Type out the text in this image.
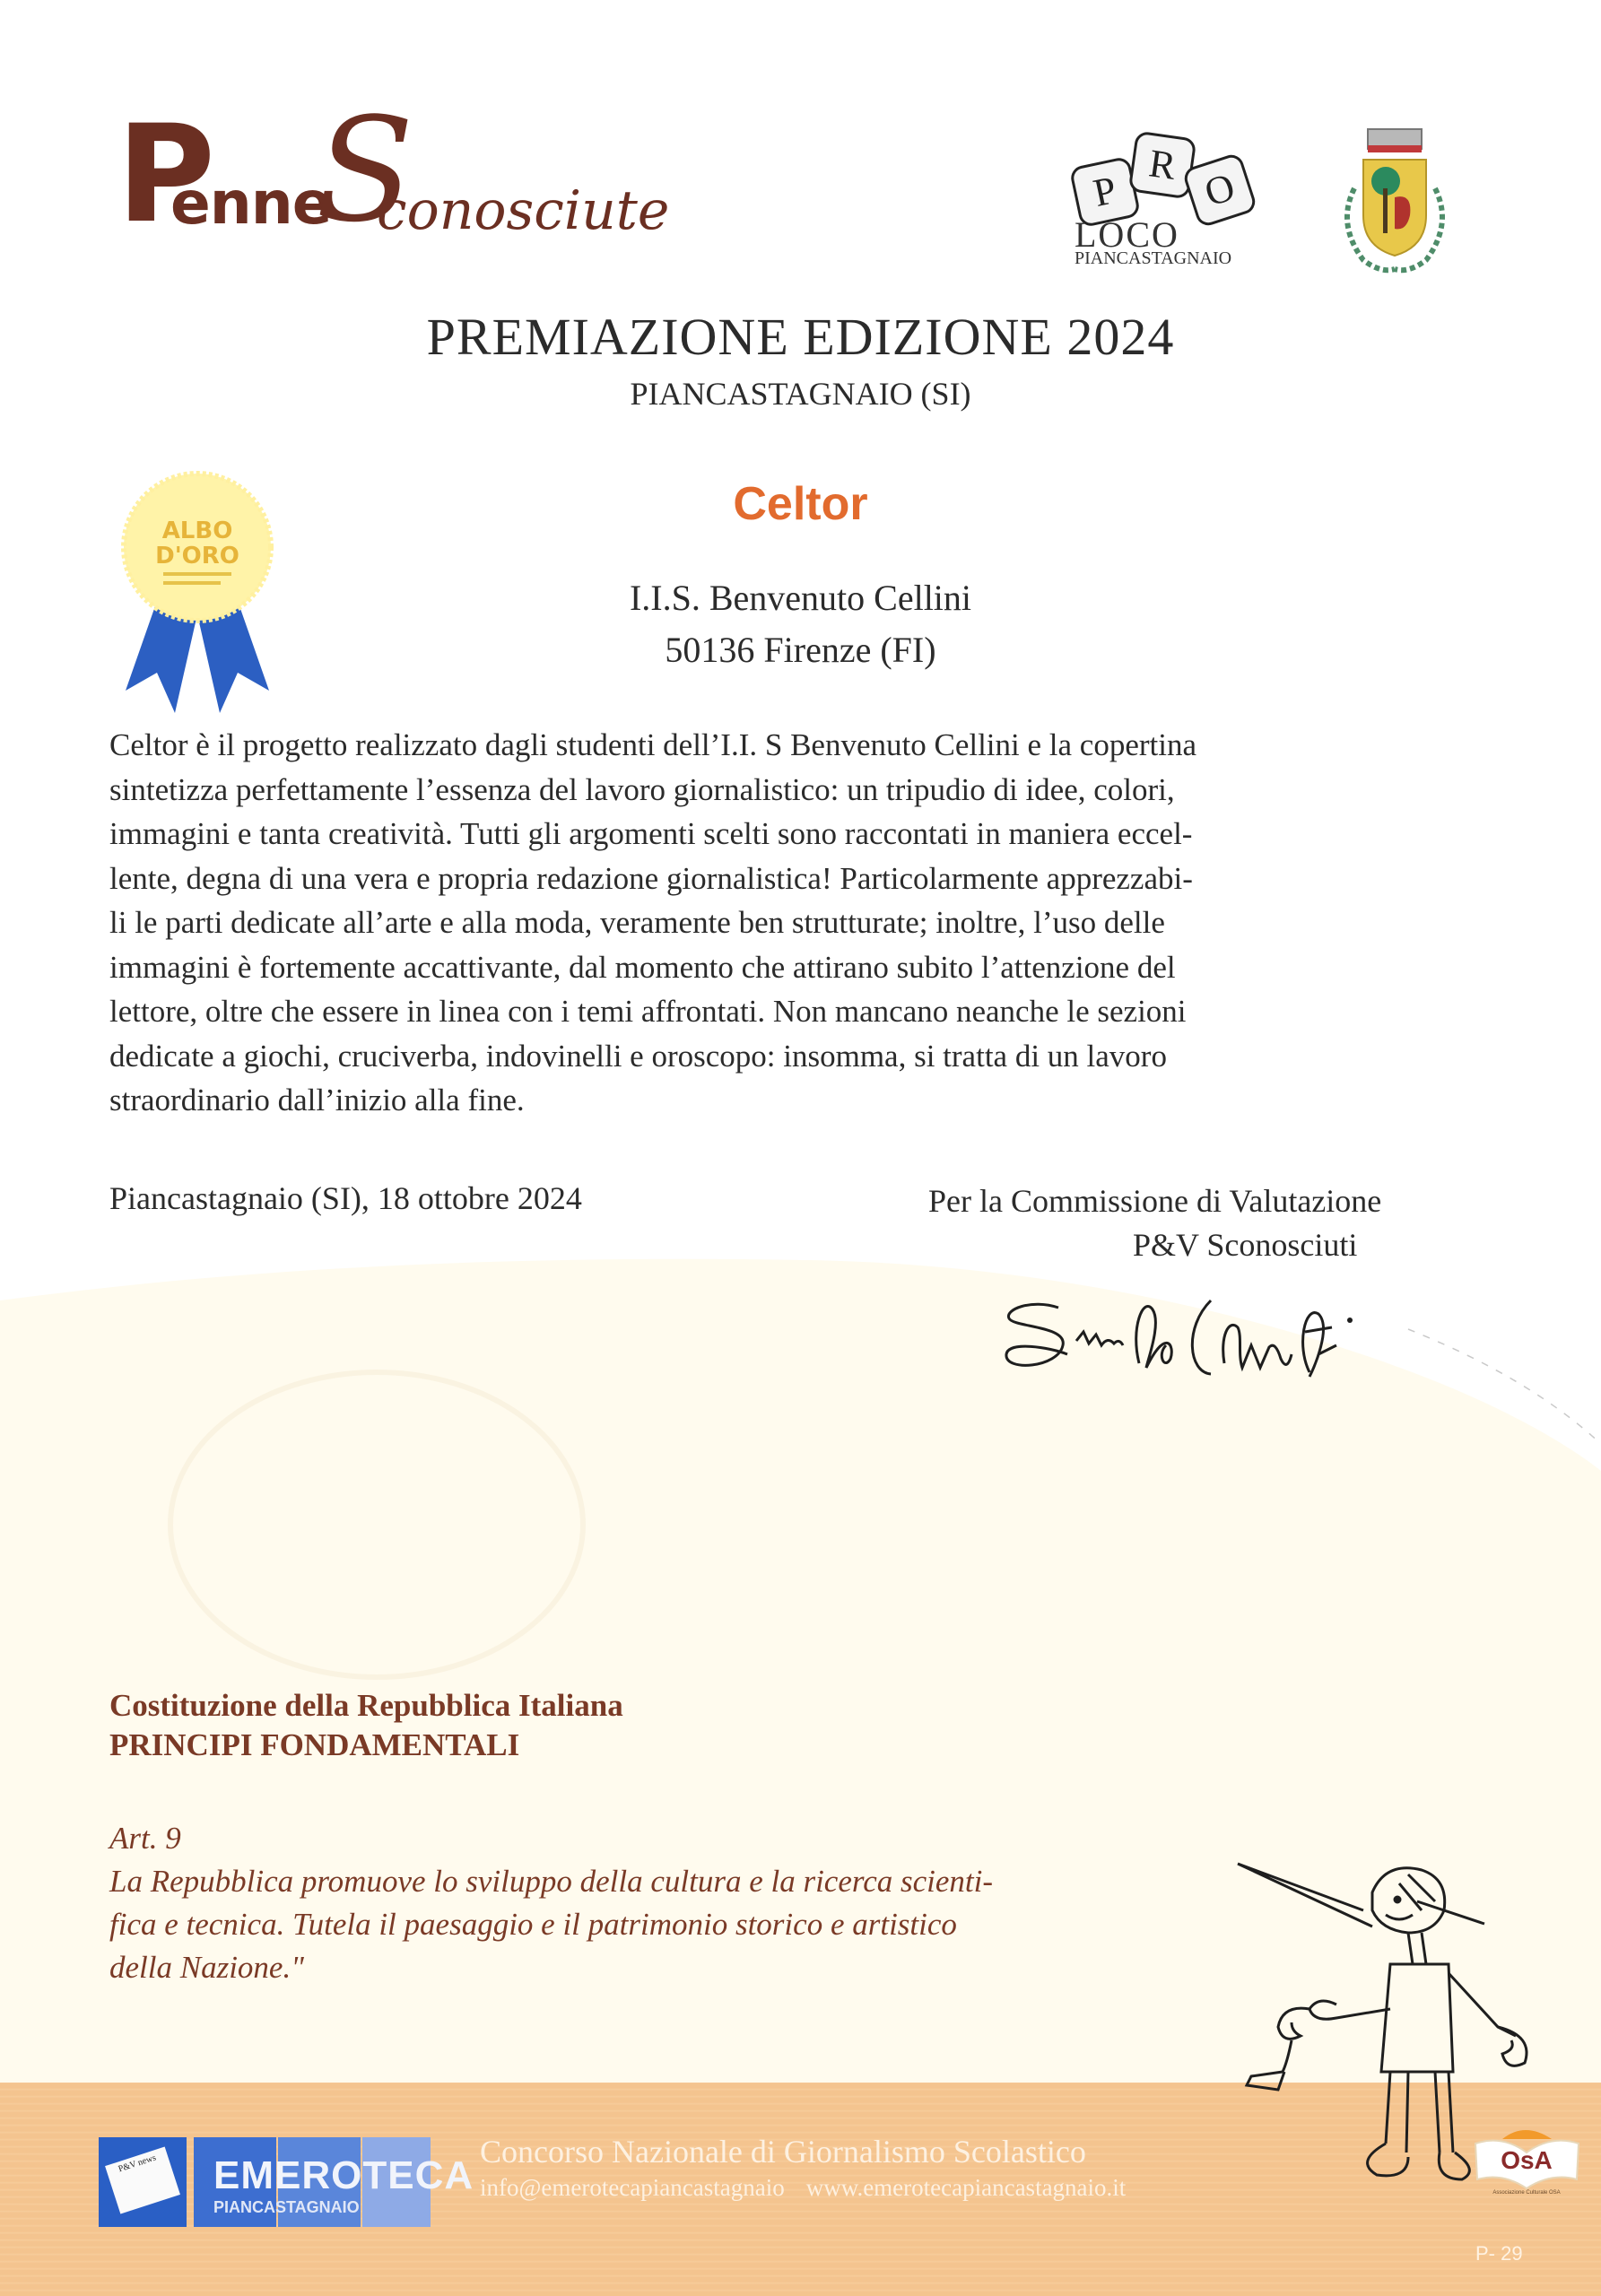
P
enne
S
conosciute	P
R O
LOCO
PIANCASTAGNAIO
PREMIAZIONE EDIZIONE 2024
PIANCASTAGNAIO (SI)
ALBO
D'ORO
Celtor
I.I.S. Benvenuto Cellini
50136 Firenze (FI)
Celtor è il progetto realizzato dagli studenti dell’I.I. S Benvenuto Cellini e la copertina
sintetizza perfettamente l’essenza del lavoro giornalistico: un tripudio di idee, colori,
immagini e tanta creatività. Tutti gli argomenti scelti sono raccontati in maniera eccel-
lente, degna di una vera e propria redazione giornalistica! Particolarmente apprezzabi-
li le parti dedicate all’arte e alla moda, veramente ben strutturate; inoltre, l’uso delle
immagini è fortemente accattivante, dal momento che attirano subito l’attenzione del
lettore, oltre che essere in linea con i temi affrontati. Non mancano neanche le sezioni
dedicate a giochi, cruciverba, indovinelli e oroscopo: insomma, si tratta di un lavoro
straordinario dall’inizio alla fine.
Piancastagnaio (SI), 18 ottobre 2024	Per la Commissione di Valutazione
P&V Sconosciuti
Costituzione della Repubblica Italiana
PRINCIPI FONDAMENTALI
Art. 9
La Repubblica promuove lo sviluppo della cultura e la ricerca scienti-
fica e tecnica. Tutela il paesaggio e il patrimonio storico e artistico
della Nazione."
P&V news	EMEROTECA
PIANCASTAGNAIO
Concorso Nazionale di Giornalismo Scolastico
info@emerotecapiancastagnaio www.emerotecapiancastagnaio.it
OsA
Associazione Culturale OSA
P- 29
